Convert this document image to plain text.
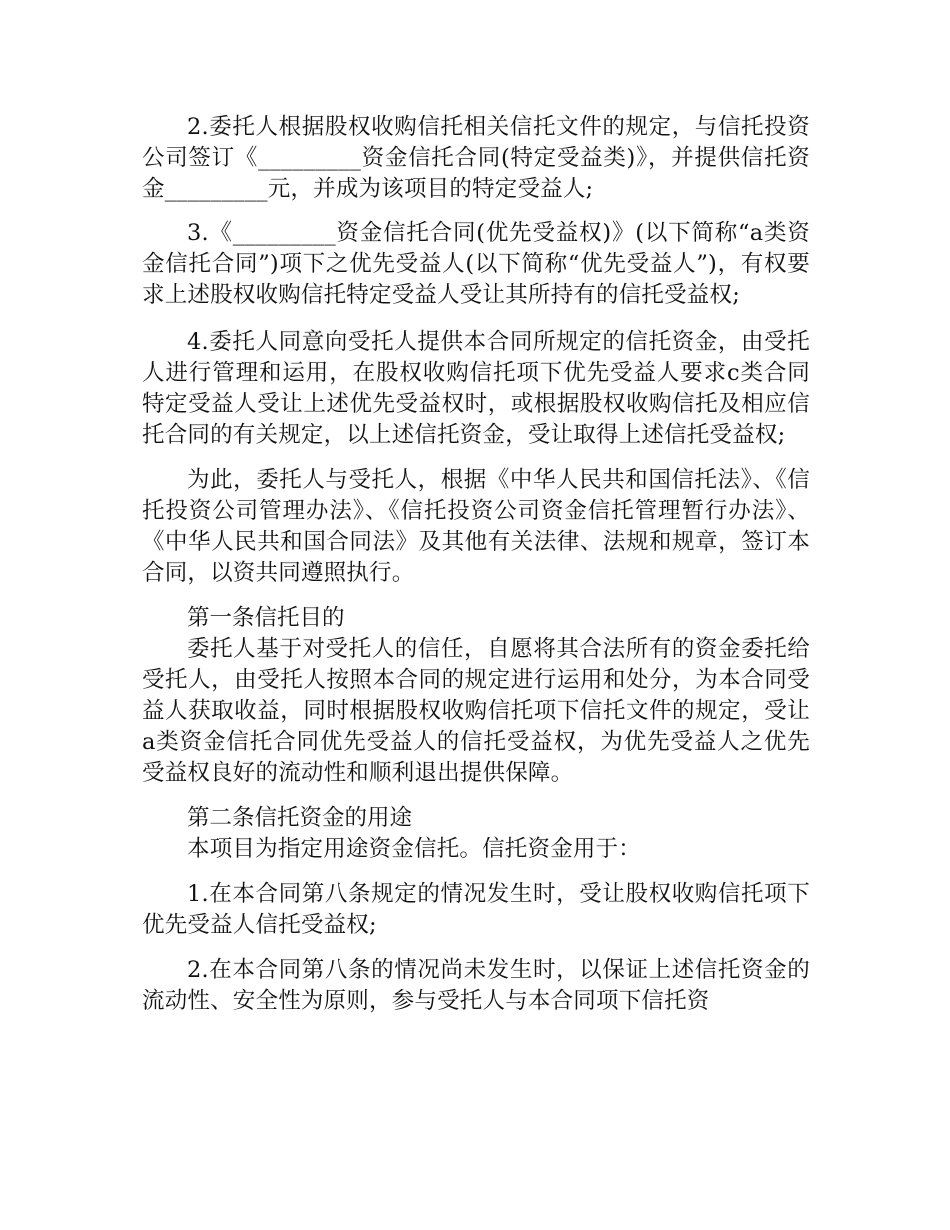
2.委托人根据股权收购信托相关信托文件的规定，与信托投资公司签订《_________资金信托合同(特定受益类)》，并提供信托资金_________元，并成为该项目的特定受益人;

3.《_________资金信托合同(优先受益权)》(以下简称“a类资金信托合同”)项下之优先受益人(以下简称“优先受益人”)，有权要求上述股权收购信托特定受益人受让其所持有的信托受益权;

4.委托人同意向受托人提供本合同所规定的信托资金，由受托人进行管理和运用，在股权收购信托项下优先受益人要求c类合同特定受益人受让上述优先受益权时，或根据股权收购信托及相应信托合同的有关规定，以上述信托资金，受让取得上述信托受益权;

为此，委托人与受托人，根据《中华人民共和国信托法》、《信托投资公司管理办法》、《信托投资公司资金信托管理暂行办法》、《中华人民共和国合同法》及其他有关法律、法规和规章，签订本合同，以资共同遵照执行。

第一条信托目的

委托人基于对受托人的信任，自愿将其合法所有的资金委托给受托人，由受托人按照本合同的规定进行运用和处分，为本合同受益人获取收益，同时根据股权收购信托项下信托文件的规定，受让a类资金信托合同优先受益人的信托受益权，为优先受益人之优先受益权良好的流动性和顺利退出提供保障。

第二条信托资金的用途

本项目为指定用途资金信托。信托资金用于：

1.在本合同第八条规定的情况发生时，受让股权收购信托项下优先受益人信托受益权;

2.在本合同第八条的情况尚未发生时，以保证上述信托资金的流动性、安全性为原则，参与受托人与本合同项下信托资
